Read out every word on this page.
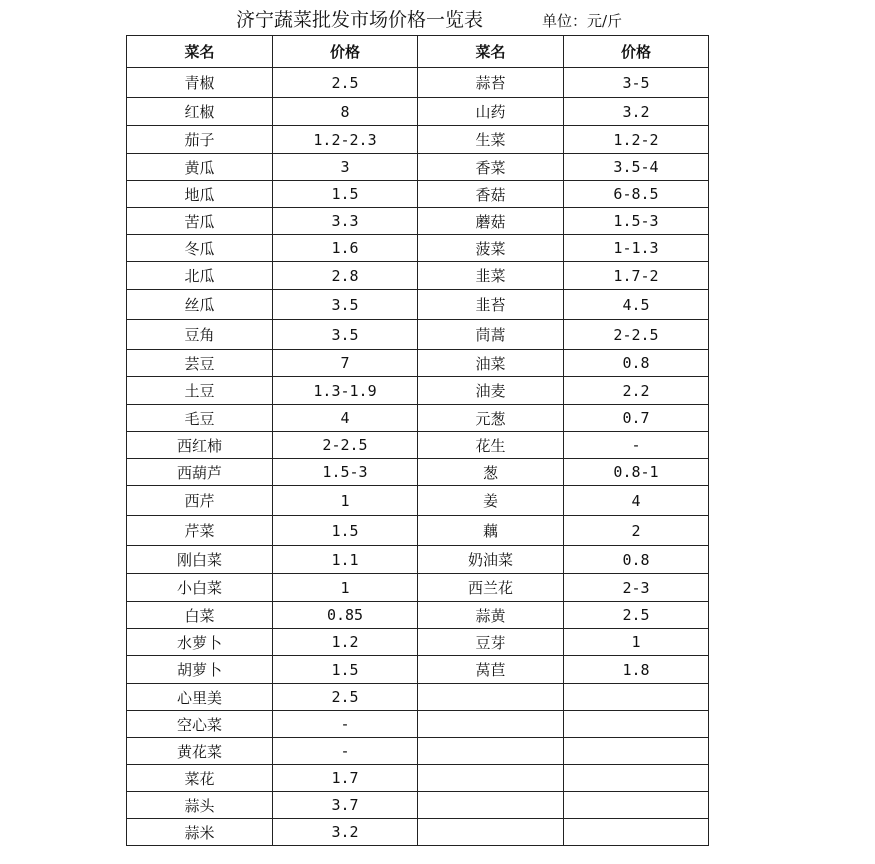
济宁蔬菜批发市场价格一览表	单位：元/斤
菜名	价格	菜名	价格
青椒	2.5	蒜苔	3-5
红椒	8	山药	3.2
茄子	1.2-2.3	生菜	1.2-2
黄瓜	3	香菜	3.5-4
地瓜	1.5	香菇	6-8.5
苦瓜	3.3	蘑菇	1.5-3
冬瓜	1.6	菠菜	1-1.3
北瓜	2.8	韭菜	1.7-2
丝瓜	3.5	韭苔	4.5
豆角	3.5	茼蒿	2-2.5
芸豆	7	油菜	0.8
土豆	1.3-1.9	油麦	2.2
毛豆	4	元葱	0.7
西红柿	2-2.5	花生	-
西葫芦	1.5-3	葱	0.8-1
西芹	1	姜	4
芹菜	1.5	藕	2
刚白菜	1.1	奶油菜	0.8
小白菜	1	西兰花	2-3
白菜	0.85	蒜黄	2.5
水萝卜	1.2	豆芽	1
胡萝卜	1.5	莴苣	1.8
心里美	2.5		
空心菜	-		
黄花菜	-		
菜花	1.7		
蒜头	3.7		
蒜米	3.2		
